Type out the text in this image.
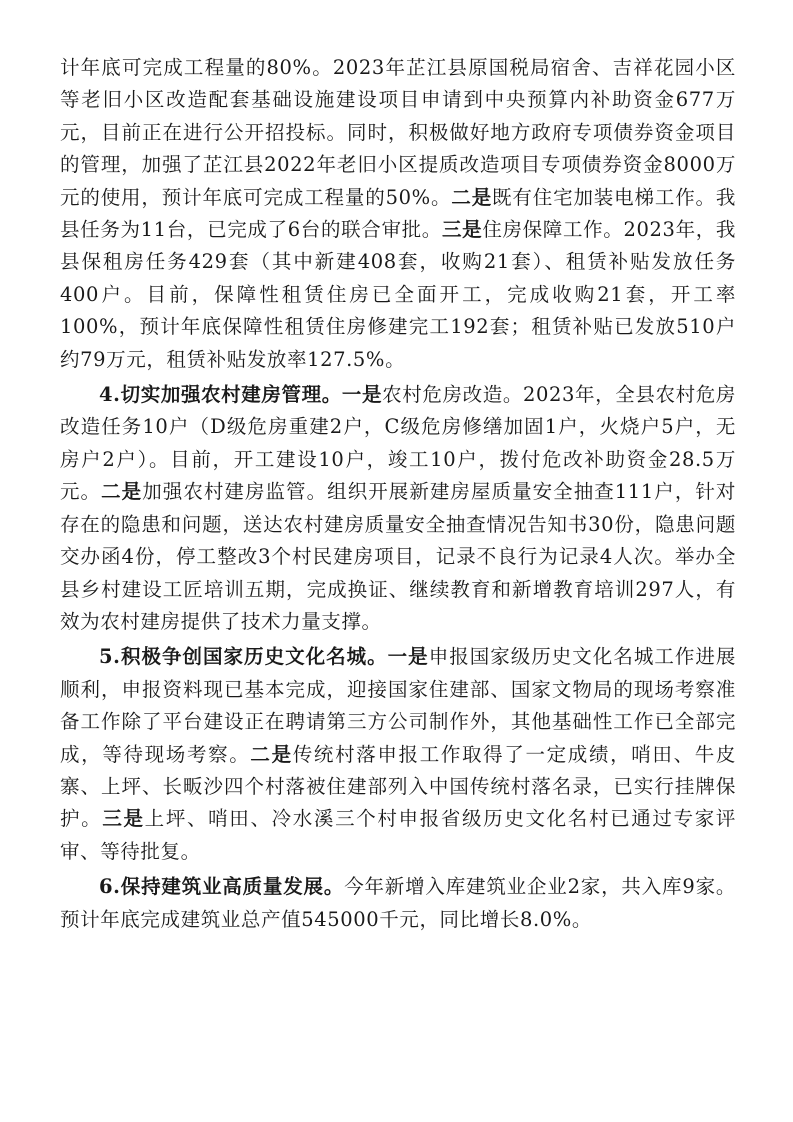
计年底可完成工程量的80%。2023年芷江县原国税局宿舍、吉祥花园小区等老旧小区改造配套基础设施建设项目申请到中央预算内补助资金677万元，目前正在进行公开招投标。同时，积极做好地方政府专项债券资金项目的管理，加强了芷江县2022年老旧小区提质改造项目专项债券资金8000万元的使用，预计年底可完成工程量的50%。二是既有住宅加装电梯工作。我县任务为11台，已完成了6台的联合审批。三是住房保障工作。2023年，我县保租房任务429套（其中新建408套，收购21套）、租赁补贴发放任务400户。目前，保障性租赁住房已全面开工，完成收购21套，开工率100%，预计年底保障性租赁住房修建完工192套；租赁补贴已发放510户约79万元，租赁补贴发放率127.5%。

4.切实加强农村建房管理。一是农村危房改造。2023年，全县农村危房改造任务10户（D级危房重建2户，C级危房修缮加固1户，火烧户5户，无房户2户）。目前，开工建设10户，竣工10户，拨付危改补助资金28.5万元。二是加强农村建房监管。组织开展新建房屋质量安全抽查111户，针对存在的隐患和问题，送达农村建房质量安全抽查情况告知书30份，隐患问题交办函4份，停工整改3个村民建房项目，记录不良行为记录4人次。举办全县乡村建设工匠培训五期，完成换证、继续教育和新增教育培训297人，有效为农村建房提供了技术力量支撑。

5.积极争创国家历史文化名城。一是申报国家级历史文化名城工作进展顺利，申报资料现已基本完成，迎接国家住建部、国家文物局的现场考察准备工作除了平台建设正在聘请第三方公司制作外，其他基础性工作已全部完成，等待现场考察。二是传统村落申报工作取得了一定成绩，哨田、牛皮寨、上坪、长畈沙四个村落被住建部列入中国传统村落名录，已实行挂牌保护。三是上坪、哨田、冷水溪三个村申报省级历史文化名村已通过专家评审、等待批复。

6.保持建筑业高质量发展。今年新增入库建筑业企业2家，共入库9家。预计年底完成建筑业总产值545000千元，同比增长8.0%。
